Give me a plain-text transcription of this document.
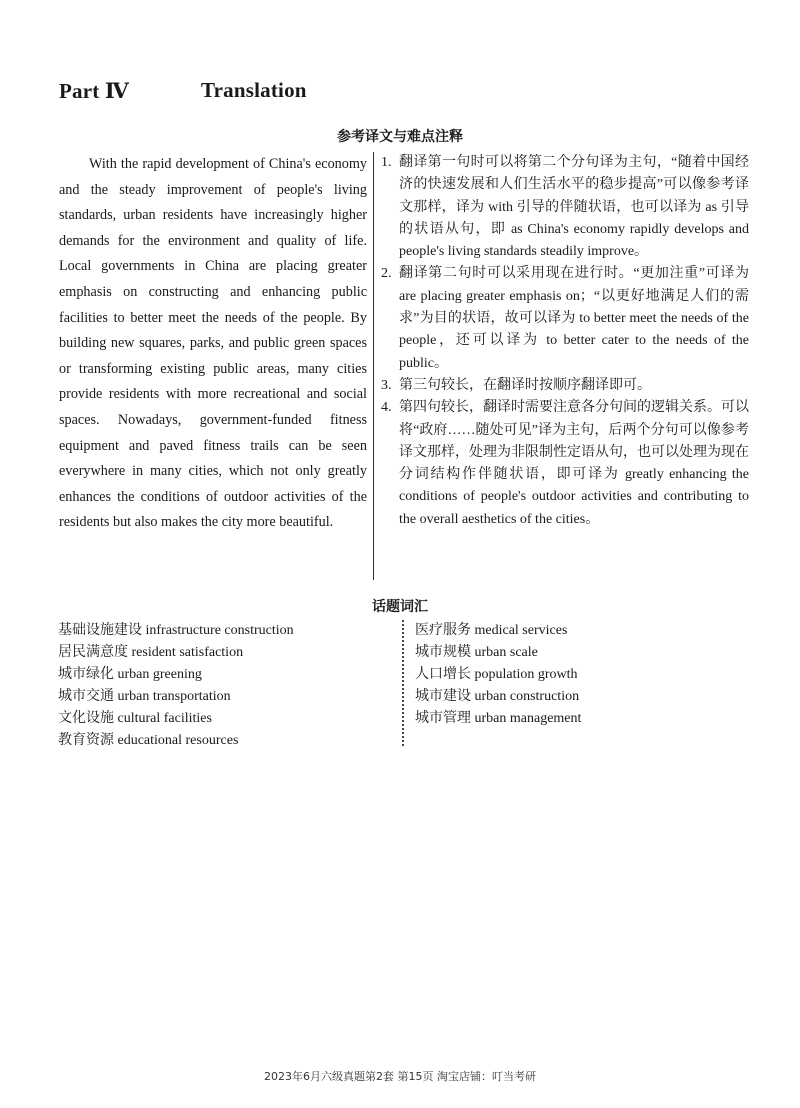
Part Ⅳ	Translation
参考译文与难点注释

With the rapid development of China's economy and the steady improvement of people's living standards, urban residents have increasingly higher demands for the environment and quality of life. Local governments in China are placing greater emphasis on constructing and enhancing public facilities to better meet the needs of the people. By building new squares, parks, and public green spaces or transforming existing public areas, many cities provide residents with more recreational and social spaces. Nowadays, government-funded fitness equipment and paved fitness trails can be seen everywhere in many cities, which not only greatly enhances the conditions of outdoor activities of the residents but also makes the city more beautiful.

1. 翻译第一句时可以将第二个分句译为主句，“随着中国经济的快速发展和人们生活水平的稳步提高”可以像参考译文那样，译为 with 引导的伴随状语，也可以译为 as 引导的状语从句，即 as China's economy rapidly develops and people's living standards steadily improve。
2. 翻译第二句时可以采用现在进行时。“更加注重”可译为 are placing greater emphasis on；“以更好地满足人们的需求”为目的状语，故可以译为 to better meet the needs of the people，还可以译为 to better cater to the needs of the public。
3. 第三句较长，在翻译时按顺序翻译即可。
4. 第四句较长，翻译时需要注意各分句间的逻辑关系。可以将“政府……随处可见”译为主句，后两个分句可以像参考译文那样，处理为非限制性定语从句，也可以处理为现在分词结构作伴随状语，即可译为 greatly enhancing the conditions of people's outdoor activities and contributing to the overall aesthetics of the cities。
话题词汇
基础设施建设 infrastructure construction
居民满意度 resident satisfaction
城市绿化 urban greening
城市交通 urban transportation
文化设施 cultural facilities
教育资源 educational resources
医疗服务 medical services
城市规模 urban scale
人口增长 population growth
城市建设 urban construction
城市管理 urban management
2023年6月六级真题第2套 第15页 淘宝店铺：叮当考研
